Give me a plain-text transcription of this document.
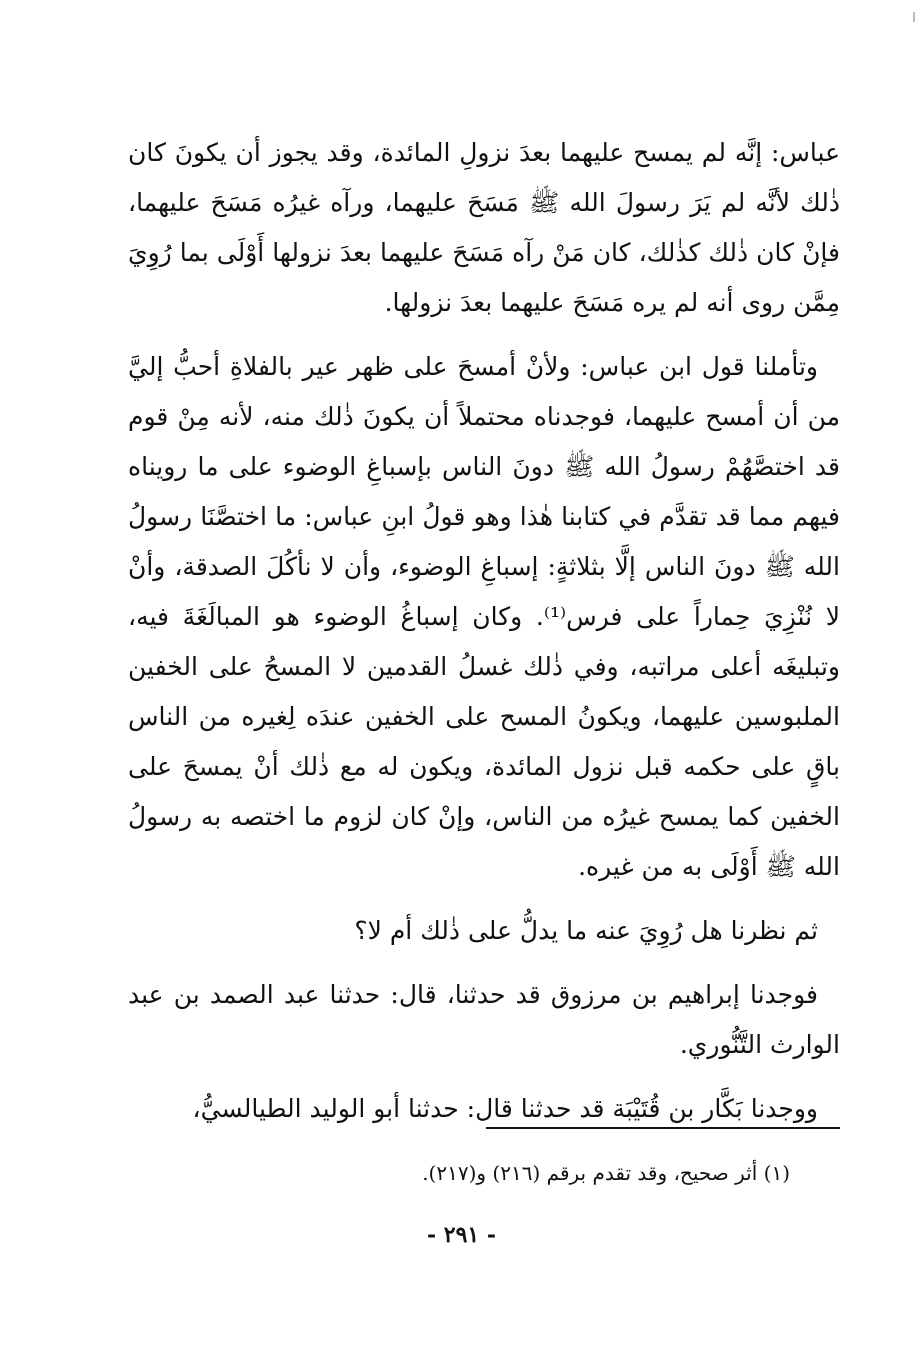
عباس: إنَّه لم يمسح عليهما بعدَ نزولِ المائدة، وقد يجوز أن يكونَ كان ذٰلك لأنَّه لم يَرَ رسولَ الله ﷺ مَسَحَ عليهما، ورآه غيرُه مَسَحَ عليهما، فإنْ كان ذٰلك كذٰلك، كان مَنْ رآه مَسَحَ عليهما بعدَ نزولها أَوْلَى بما رُوِيَ مِمَّن روى أنه لم يره مَسَحَ عليهما بعدَ نزولها.

وتأملنا قول ابن عباس: ولأنْ أمسحَ على ظهر عير بالفلاةِ أحبُّ إليَّ من أن أمسح عليهما، فوجدناه محتملاً أن يكونَ ذٰلك منه، لأنه مِنْ قوم قد اختصَّهُمْ رسولُ الله ﷺ دونَ الناس بإسباغِ الوضوء على ما رويناه فيهم مما قد تقدَّم في كتابنا هٰذا وهو قولُ ابنِ عباس: ما اختصَّنَا رسولُ الله ﷺ دونَ الناس إلَّا بثلاثةٍ: إسباغِ الوضوء، وأن لا نأكُلَ الصدقة، وأنْ لا نُنْزِيَ حِماراً على فرس⁽¹⁾. وكان إسباغُ الوضوء هو المبالَغَةَ فيه، وتبليغَه أعلى مراتبه، وفي ذٰلك غسلُ القدمين لا المسحُ على الخفين الملبوسين عليهما، ويكونُ المسح على الخفين عندَه لِغيره من الناس باقٍ على حكمه قبل نزول المائدة، ويكون له مع ذٰلك أنْ يمسحَ على الخفين كما يمسح غيرُه من الناس، وإنْ كان لزوم ما اختصه به رسولُ الله ﷺ أَوْلَى به من غيره.

ثم نظرنا هل رُوِيَ عنه ما يدلُّ على ذٰلك أم لا؟

فوجدنا إبراهيم بن مرزوق قد حدثنا، قال: حدثنا عبد الصمد بن عبد الوارث التَّنُّوري.

ووجدنا بَكَّار بن قُتَيْبَة قد حدثنا قال: حدثنا أبو الوليد الطيالسيُّ،

(١) أثر صحيح، وقد تقدم برقم (٢١٦) و(٢١٧).
- ٢٩١ -
